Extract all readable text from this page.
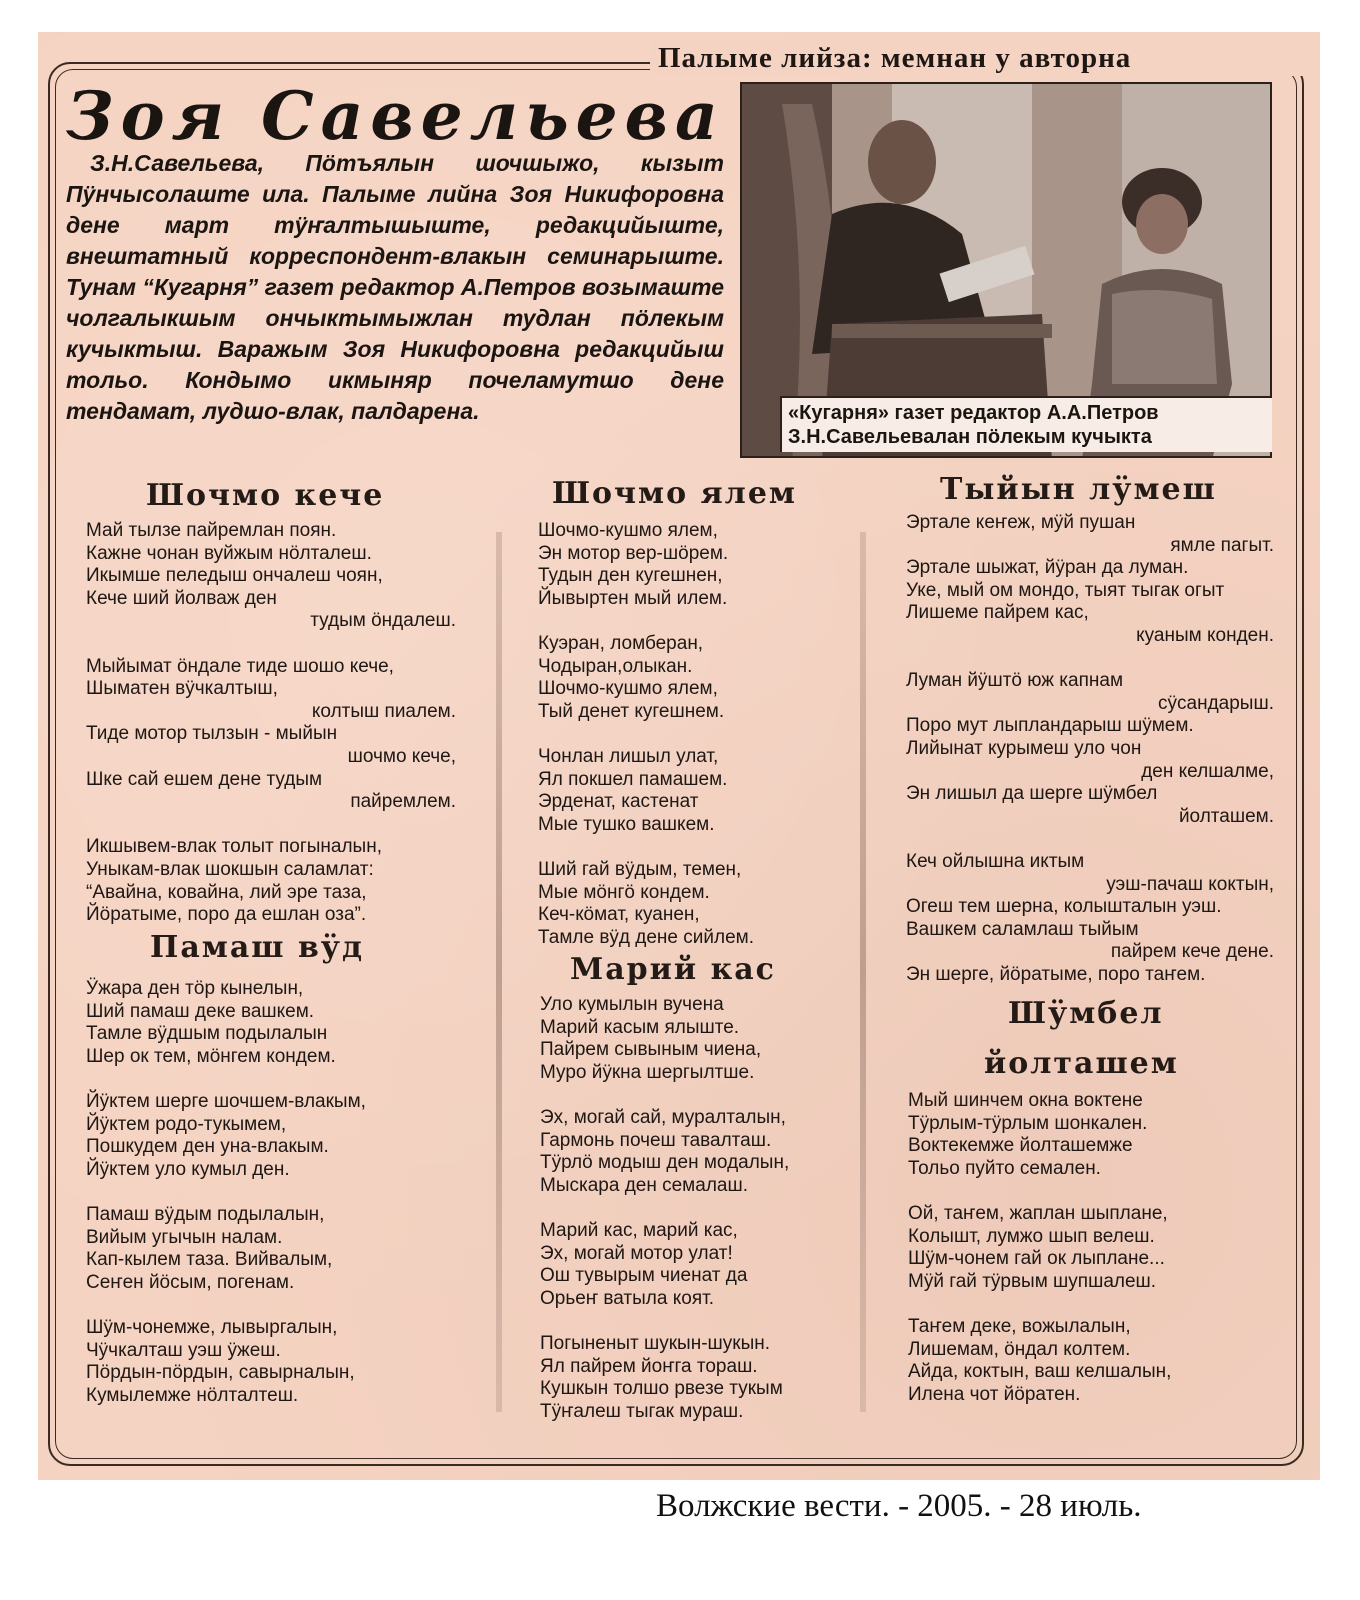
Палыме лийза: мемнан у авторна
Зоя Савельева

З.Н.Савельева, Пӧтъялын шочшыжо, кызыт Пӱнчысолаште ила. Палыме лийна Зоя Никифоровна дене март тӱҥалтышыште, редакцийыште, внештатный корреспондент-влакын семинарыште. Тунам “Кугарня” газет редактор А.Петров возымаште чолгалыкшым ончыктымыжлан тудлан пӧлекым кучыктыш. Варажым Зоя Никифоровна редакцийыш тольо. Кондымо икмыняр почеламутшо дене тендамат, лудшо-влак, палдарена.	«Кугарня» газет редактор А.А.Петров
З.Н.Савельевалан пӧлекым кучыкта
Шочмо кече
Май тылзе пайремлан поян.
Кажне чонан вуйжым нӧлталеш.
Икымше пеледыш ончалеш чоян,
Кече ший йолваж ден
тудым ӧндалеш.
Мыйымат ӧндале тиде шошо кече,
Шыматен вӱчкалтыш,
колтыш пиалем.
Тиде мотор тылзын - мыйын
шочмо кече,
Шке сай ешем дене тудым
пайремлем.
Икшывем-влак толыт погыналын,
Уныкам-влак шокшын саламлат:
“Авайна, ковайна, лий эре таза,
Йӧратыме, поро да ешлан оза”.
Памаш вӱд
Ӱжара ден тӧр кынелын,
Ший памаш деке вашкем.
Тамле вӱдшым подылалын
Шер ок тем, мӧнгем кондем.
Йӱктем шерге шочшем-влакым,
Йӱктем родо-тукымем,
Пошкудем ден уна-влакым.
Йӱктем уло кумыл ден.
Памаш вӱдым подылалын,
Вийым угычын налам.
Кап-кылем таза. Вийвалым,
Сеҥен йӧсым, погенам.
Шӱм-чонемже, лывыргалын,
Чӱчкалташ уэш ӱжеш.
Пӧрдын-пӧрдын, савырналын,
Кумылемже нӧлталтеш.
Шочмо ялем
Шочмо-кушмо ялем,
Эн мотор вер-шӧрем.
Тудын ден кугешнен,
Йывыртен мый илем.
Куэран, ломберан,
Чодыран,олыкан.
Шочмо-кушмо ялем,
Тый денет кугешнем.
Чонлан лишыл улат,
Ял покшел памашем.
Эрденат, кастенат
Мые тушко вашкем.
Ший гай вӱдым, темен,
Мые мӧнгӧ кондем.
Кеч-кӧмат, куанен,
Тамле вӱд дене сийлем.
Марий кас
Уло кумылын вучена
Марий касым ялыште.
Пайрем сывыным чиена,
Муро йӱкна шергылтше.
Эх, могай сай, муралталын,
Гармонь почеш тавалташ.
Тӱрлӧ модыш ден модалын,
Мыскара ден семалаш.
Марий кас, марий кас,
Эх, могай мотор улат!
Ош тувырым чиенат да
Орьеҥ ватыла коят.
Погыненыт шукын-шукын.
Ял пайрем йоҥга тораш.
Кушкын толшо рвезе тукым
Тӱҥалеш тыгак мураш.
Тыйын лӱмеш
Эртале кеҥеж, мӱй пушан
ямле пагыт.
Эртале шыжат, йӱран да луман.
Уке, мый ом мондо, тыят тыгак огыт
Лишеме пайрем кас,
куаным конден.
Луман йӱштӧ юж капнам
сӱсандарыш.
Поро мут лыпландарыш шӱмем.
Лийынат курымеш уло чон
ден келшалме,
Эн лишыл да шерге шӱмбел
йолташем.
Кеч ойлышна иктым
уэш-пачаш коктын,
Огеш тем шерна, колышталын уэш.
Вашкем саламлаш тыйым
пайрем кече дене.
Эн шерге, йӧратыме, поро таҥем.
Шӱмбел
йолташем
Мый шинчем окна воктене
Тӱрлым-тӱрлым шонкален.
Воктекемже йолташемже
Тольо пуйто семален.
Ой, таҥем, жаплан шыплане,
Колышт, лумжо шып велеш.
Шӱм-чонем гай ок лыплане...
Мӱй гай тӱрвым шупшалеш.
Таҥем деке, вожылалын,
Лишемам, ӧндал колтем.
Айда, коктын, ваш келшалын,
Илена чот йӧратен.
Волжские вести. - 2005. - 28 июль.
